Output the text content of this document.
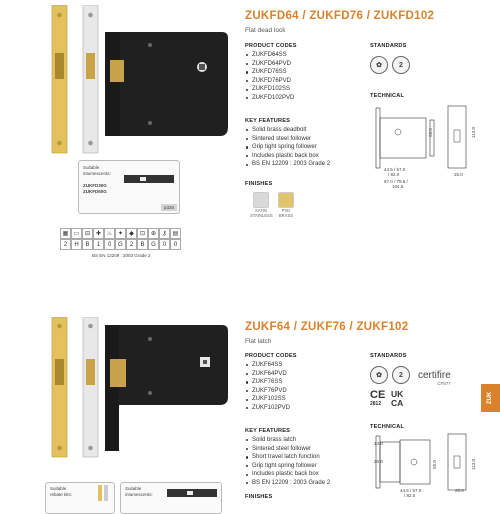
ZUKFD64 / ZUKFD76 / ZUKFD102
Flat dead lock
PRODUCT CODES
ZUKFD64SS
ZUKFD64PVD
ZUKFD76SS
ZUKFD76PVD
ZUKFD102SS
ZUKFD102PVD
KEY FEATURES
Solid brass deadbolt
Sintered steel follower
Grip tight spring follower
Includes plastic back box
BS EN 12209 : 2003 Grade 2
FINISHES
SATIN
STAINLESS
PVD
BRASS
STANDARDS
✿	2
TECHNICAL
44.5 / 57.0
/ 82.0
67.0 / 79.5 /
104.5
55.0	113.0
25.0
Suitable
intumescents:
ZUKFD30G
ZUKFD60G
p326
▦ ▭ ⊟ ✚ ♨ ✦	◆	⊡ ⊕	⚷ ▤
2	H	B	1	0	G	2	B	G	0	0
BS EN 12209 : 2003 Grade 2
ZUKF64 / ZUKF76 / ZUKF102
Flat latch
PRODUCT CODES
ZUKF64SS
ZUKF64PVD
ZUKF76SS
ZUKF76PVD
ZUKF102SS
ZUKF102PVD
KEY FEATURES
Solid brass latch
Sintered steel follower
Short travel latch function
Grip tight spring follower
Includes plastic back box
BS EN 12209 : 2003 Grade 2
FINISHES
STANDARDS
✿	2	certifire
CF877
CE
2812
UK
CA
TECHNICAL
13.0
25.0	55.0	113.0
25.0
44.5 / 57.0
/ 82.0
Suitable
rebate kits:
Suitable
intumescents:
ZUK
